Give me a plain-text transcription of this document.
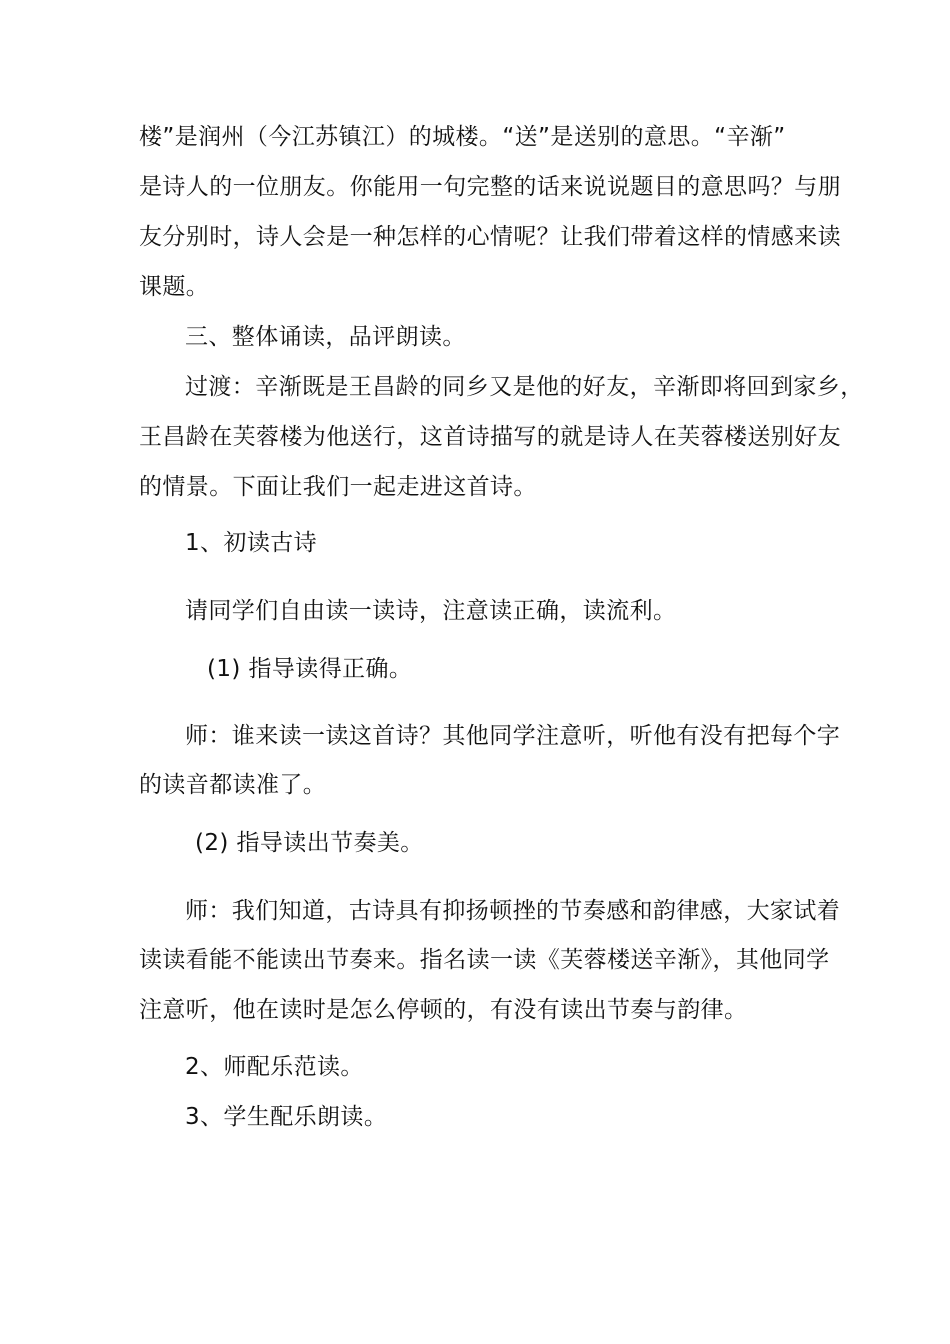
楼”是润州（今江苏镇江）的城楼。“送”是送别的意思。“辛渐”
是诗人的一位朋友。你能用一句完整的话来说说题目的意思吗？与朋
友分别时，诗人会是一种怎样的心情呢？让我们带着这样的情感来读
课题。
三、整体诵读，品评朗读。
过渡：辛渐既是王昌龄的同乡又是他的好友，辛渐即将回到家乡，
王昌龄在芙蓉楼为他送行，这首诗描写的就是诗人在芙蓉楼送别好友
的情景。下面让我们一起走进这首诗。
1、初读古诗
请同学们自由读一读诗，注意读正确，读流利。
(1) 指导读得正确。
师：谁来读一读这首诗？其他同学注意听，听他有没有把每个字
的读音都读准了。
(2) 指导读出节奏美。
师：我们知道，古诗具有抑扬顿挫的节奏感和韵律感，大家试着
读读看能不能读出节奏来。指名读一读《芙蓉楼送辛渐》，其他同学
注意听，他在读时是怎么停顿的，有没有读出节奏与韵律。
2、师配乐范读。
3、学生配乐朗读。
